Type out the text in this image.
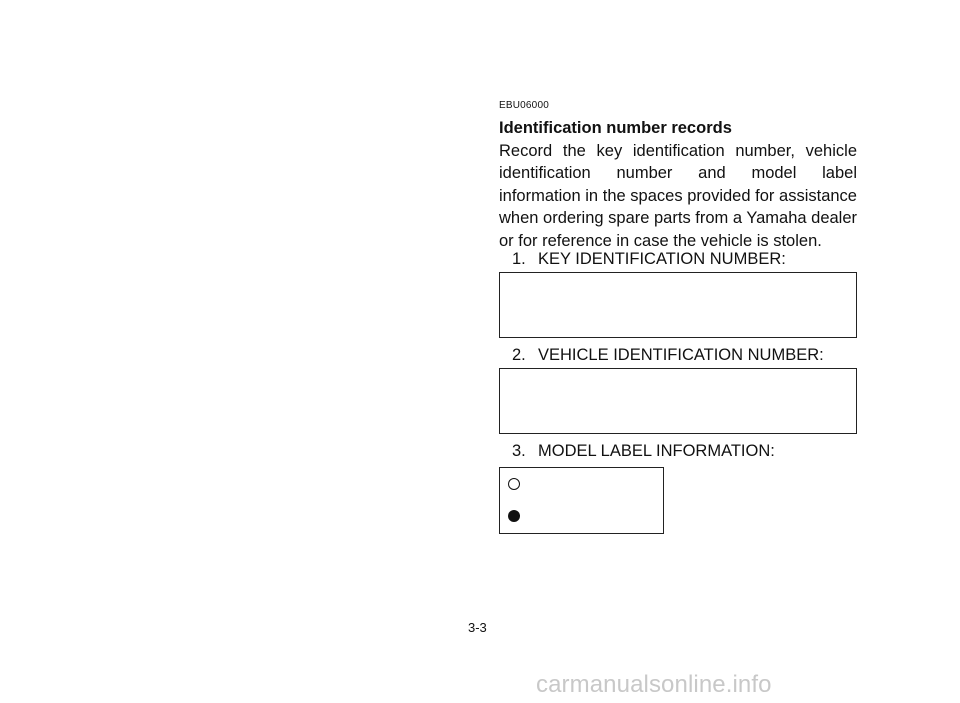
EBU06000
Identification number records
Record the key identification number, vehicle identification number and model label information in the spaces provided for assistance when ordering spare parts from a Yamaha dealer or for reference in case the vehicle is stolen.
1. KEY IDENTIFICATION NUMBER:
2. VEHICLE IDENTIFICATION NUMBER:
3. MODEL LABEL INFORMATION:
3-3
carmanualsonline.info
